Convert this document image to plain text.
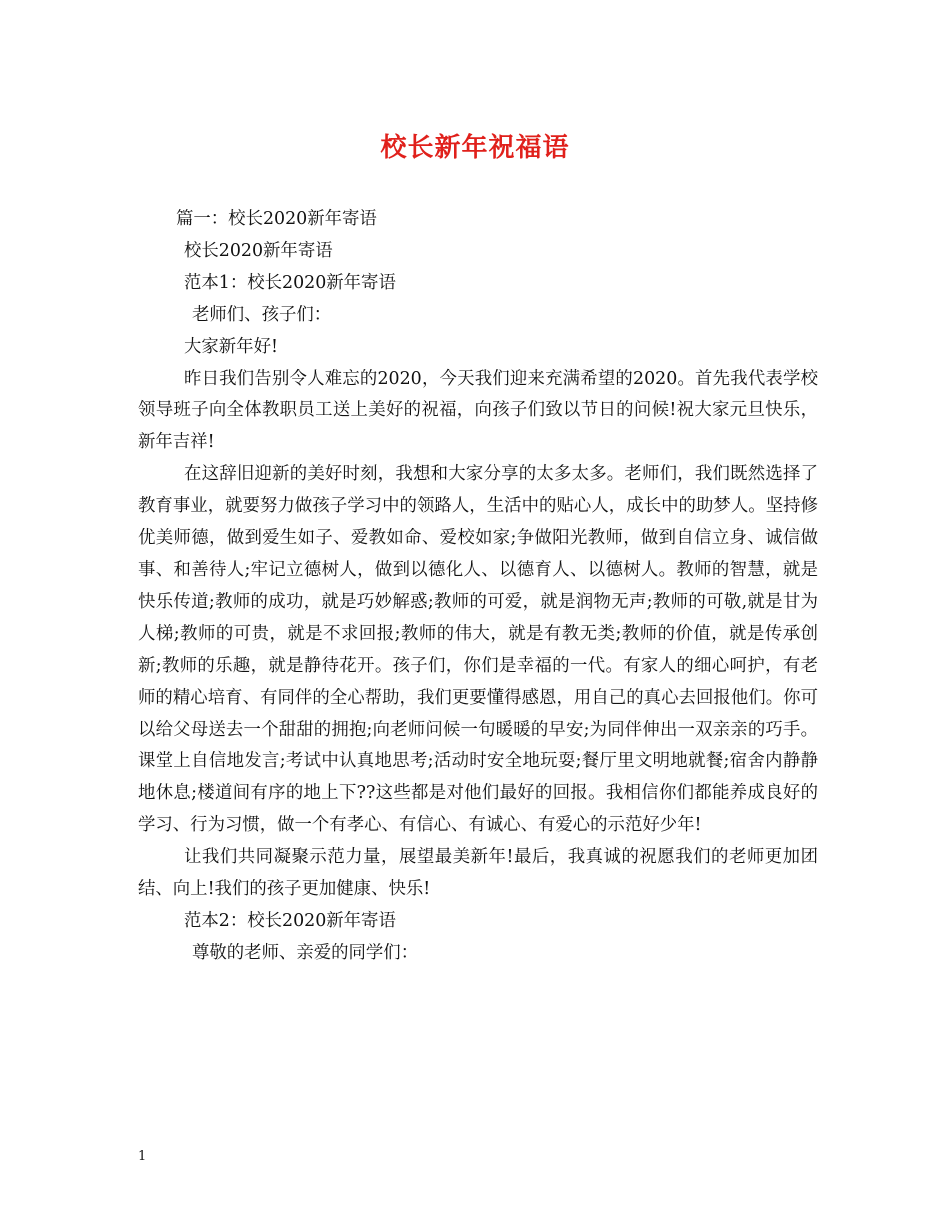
校长新年祝福语

篇一：校长2020新年寄语

校长2020新年寄语

范本1：校长2020新年寄语

老师们、孩子们：

大家新年好!

昨日我们告别令人难忘的2020，今天我们迎来充满希望的2020。首先我代表学校领导班子向全体教职员工送上美好的祝福，向孩子们致以节日的问候!祝大家元旦快乐，新年吉祥!

在这辞旧迎新的美好时刻，我想和大家分享的太多太多。老师们，我们既然选择了教育事业，就要努力做孩子学习中的领路人，生活中的贴心人，成长中的助梦人。坚持修优美师德，做到爱生如子、爱教如命、爱校如家;争做阳光教师，做到自信立身、诚信做事、和善待人;牢记立德树人，做到以德化人、以德育人、以德树人。教师的智慧，就是快乐传道;教师的成功，就是巧妙解惑;教师的可爱，就是润物无声;教师的可敬,就是甘为人梯;教师的可贵，就是不求回报;教师的伟大，就是有教无类;教师的价值，就是传承创新;教师的乐趣，就是静待花开。孩子们，你们是幸福的一代。有家人的细心呵护，有老师的精心培育、有同伴的全心帮助，我们更要懂得感恩，用自己的真心去回报他们。你可以给父母送去一个甜甜的拥抱;向老师问候一句暖暖的早安;为同伴伸出一双亲亲的巧手。课堂上自信地发言;考试中认真地思考;活动时安全地玩耍;餐厅里文明地就餐;宿舍内静静地休息;楼道间有序的地上下??这些都是对他们最好的回报。我相信你们都能养成良好的学习、行为习惯，做一个有孝心、有信心、有诚心、有爱心的示范好少年!

让我们共同凝聚示范力量，展望最美新年!最后，我真诚的祝愿我们的老师更加团结、向上!我们的孩子更加健康、快乐!

范本2：校长2020新年寄语

尊敬的老师、亲爱的同学们：

1
